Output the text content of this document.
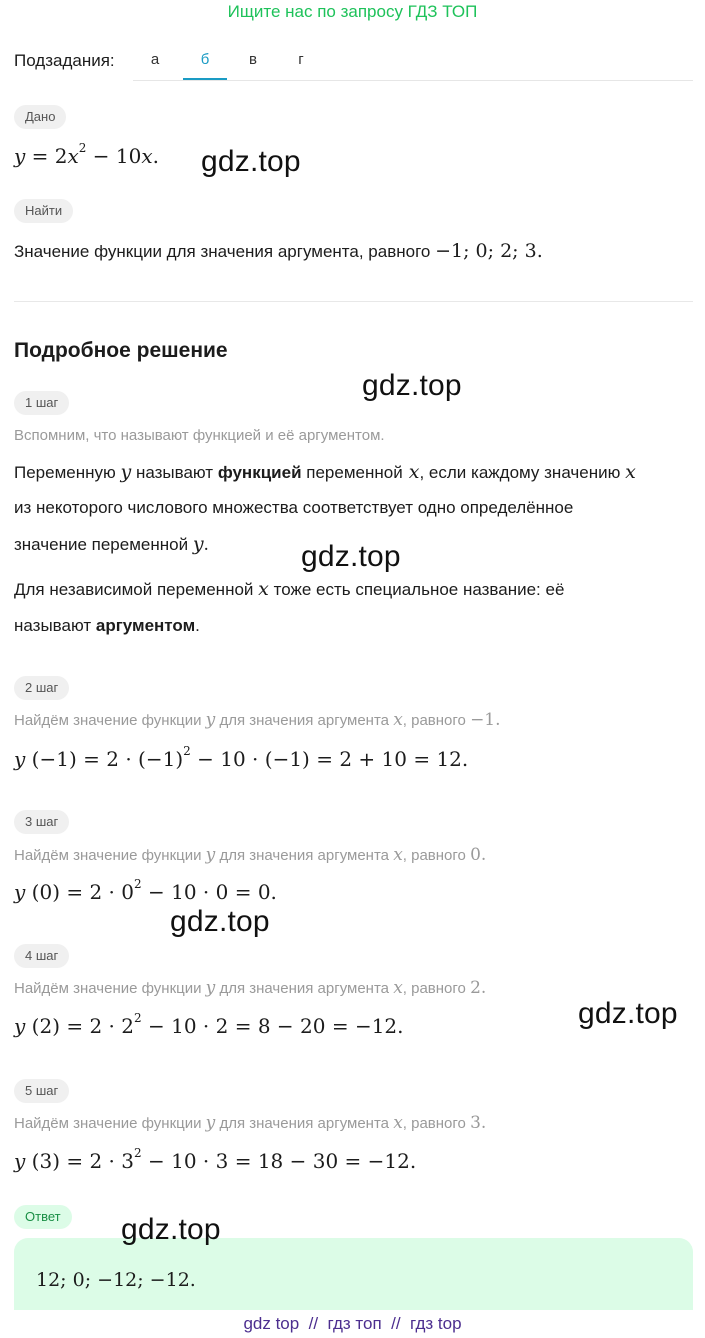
Ищите нас по запросу ГДЗ ТОП
Подзадания:	а	б	в	г
Дано
$y = 2x^2 - 10x$.
Найти
Значение функции для значения аргумента, равного −1; 0; 2; 3.
Подробное решение
1 шаг
Вспомним, что называют функцией и её аргументом.
Переменную y называют функцией переменной x, если каждому значению x
из некоторого числового множества соответствует одно определённое
значение переменной y.
Для независимой переменной x тоже есть специальное название: её
называют аргументом.
2 шаг
Найдём значение функции y для значения аргумента x, равного −1.
y $(-1) = 2 \cdot (-1)^2 - 10 \cdot (-1) = 2 + 10 = 12$.
3 шаг
Найдём значение функции y для значения аргумента x, равного 0.
y $(0) = 2 \cdot 0^2 - 10 \cdot 0 = 0$.
4 шаг
Найдём значение функции y для значения аргумента x, равного 2.
y $(2) = 2 \cdot 2^2 - 10 \cdot 2 = 8 - 20 = -12$.
5 шаг
Найдём значение функции y для значения аргумента x, равного 3.
y $(3) = 2 \cdot 3^2 - 10 \cdot 3 = 18 - 30 = -12$.
Ответ
12; 0; −12; −12.
gdz.top
gdz.top
gdz.top
gdz.top
gdz.top
gdz.top
gdz top  //  гдз топ  //  гдз top
